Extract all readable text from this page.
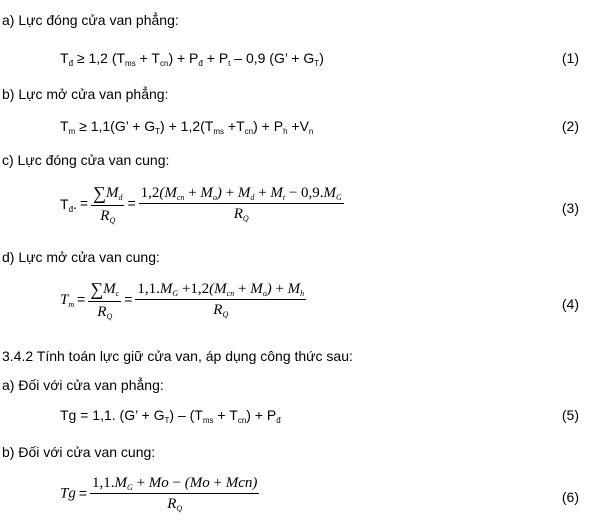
a) Lực đóng cửa van phẳng:
$T_đ \ge 1,2$ $(T_{ms} + T_{cn}) + P_đ + P_t - 0,9$ (G’ + $G_T$)	(1)
b) Lực mở cửa van phẳng:
$T_m \ge 1,1(G$’ + $G_T) + 1,2(T_{ms} +T_{cn}) + P_h +V_n$	(2)
c) Lực đóng cửa van cung:
$T_đ$. = $\frac{\sum M_d}{R_Q} = \frac{1,2(M_{cn} + M_o) + M_d + M_t - 0,9.M_G}{R_Q}$	(3)
d) Lực mở cửa van cung:
$T_m = \frac{\sum M_c}{R_Q} = \frac{1,1.M_G +1,2(M_{cn} + M_o) + M_h}{R_Q}$	(4)
3.4.2 Tính toán lực giữ cửa van, áp dụng công thức sau:
a) Đối với cửa van phẳng:
Tg = 1,1. (G’ + $G_T) - (T_{ms} + T_{cn}) + P_đ$	(5)
b) Đối với cửa van cung:
$Tg = \frac{1,1.M_G + Mo - (Mo + Mcn)}{R_Q}$	(6)
